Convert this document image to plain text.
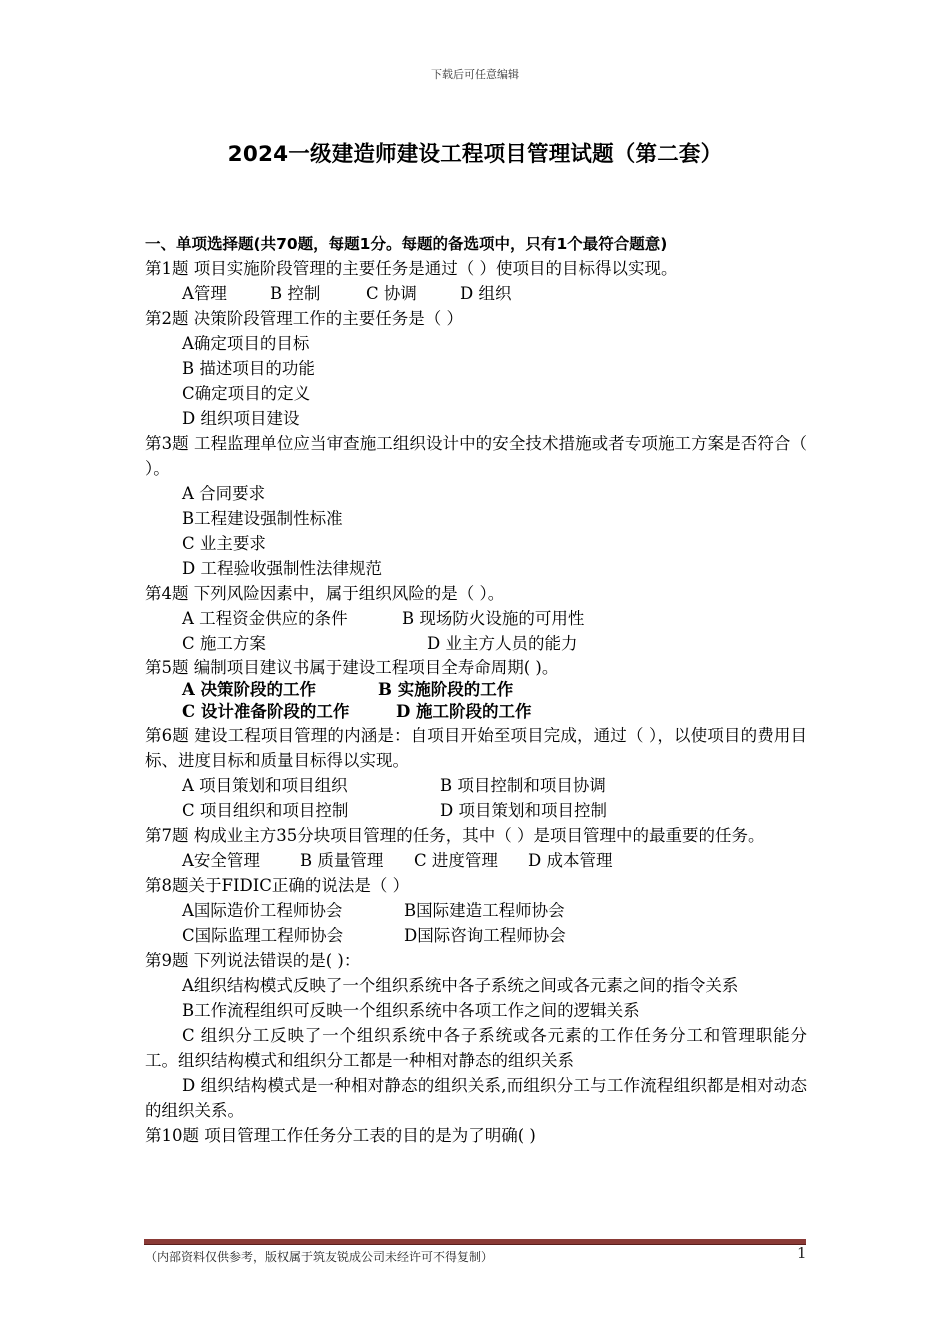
下载后可任意编辑
2024一级建造师建设工程项目管理试题（第二套）
一、单项选择题(共70题，每题1分。每题的备选项中，只有1个最符合题意)
第1题 项目实施阶段管理的主要任务是通过（ ）使项目的目标得以实现。
A管理	B 控制	C 协调	D 组织
第2题 决策阶段管理工作的主要任务是（ ）
A确定项目的目标
B 描述项目的功能
C确定项目的定义
D 组织项目建设
第3题 工程监理单位应当审查施工组织设计中的安全技术措施或者专项施工方案是否符合（ ）。
A 合同要求
B工程建设强制性标准
C 业主要求
D 工程验收强制性法律规范
第4题 下列风险因素中，属于组织风险的是（ ）。
A 工程资金供应的条件	B 现场防火设施的可用性
C 施工方案	D 业主方人员的能力
第5题 编制项目建议书属于建设工程项目全寿命周期( )。
A 决策阶段的工作	B 实施阶段的工作
C 设计准备阶段的工作	D 施工阶段的工作
第6题 建设工程项目管理的内涵是：自项目开始至项目完成，通过（ ），以使项目的费用目标、进度目标和质量目标得以实现。
A 项目策划和项目组织	B 项目控制和项目协调
C 项目组织和项目控制	D 项目策划和项目控制
第7题 构成业主方35分块项目管理的任务，其中（ ）是项目管理中的最重要的任务。
A安全管理 B 质量管理 C 进度管理 D 成本管理
第8题关于FIDIC正确的说法是（ ）
A国际造价工程师协会	B国际建造工程师协会
C国际监理工程师协会	D国际咨询工程师协会
第9题 下列说法错误的是( )：
A组织结构模式反映了一个组织系统中各子系统之间或各元素之间的指令关系
B工作流程组织可反映一个组织系统中各项工作之间的逻辑关系
C 组织分工反映了一个组织系统中各子系统或各元素的工作任务分工和管理职能分工。组织结构模式和组织分工都是一种相对静态的组织关系
D 组织结构模式是一种相对静态的组织关系,而组织分工与工作流程组织都是相对动态的组织关系。
第10题 项目管理工作任务分工表的目的是为了明确( )
（内部资料仅供参考，版权属于筑友锐成公司未经许可不得复制）	1
